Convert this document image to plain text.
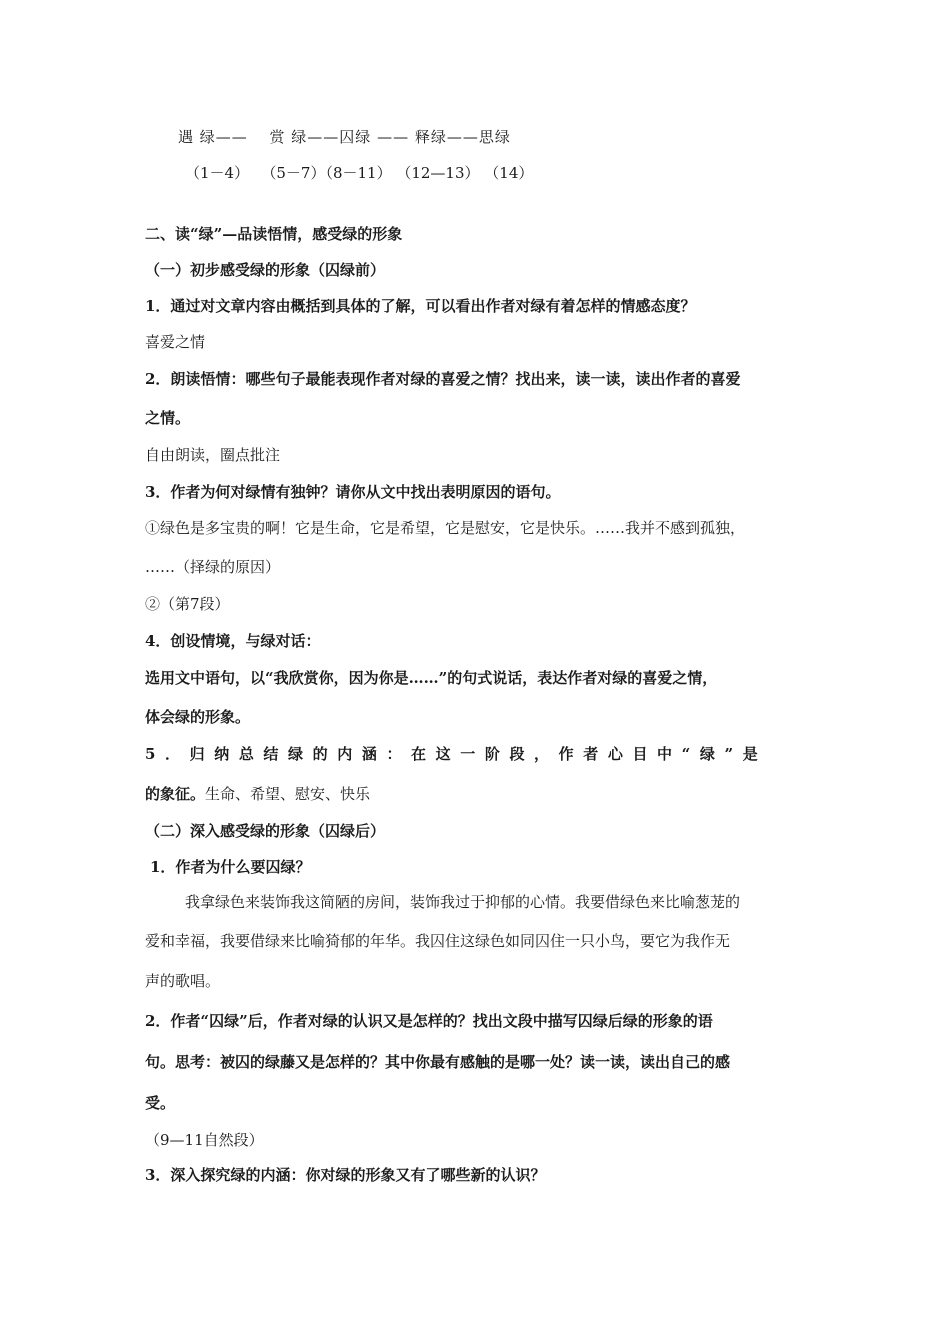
遇 绿——　 赏 绿——囚绿 —— 释绿——思绿
（1－4）　 （5－7）（8－11） （12—13） （14）
二、读“绿”—品读悟情，感受绿的形象
（一）初步感受绿的形象（囚绿前）
1．通过对文章内容由概括到具体的了解，可以看出作者对绿有着怎样的情感态度？
喜爱之情
2．朗读悟情：哪些句子最能表现作者对绿的喜爱之情？找出来，读一读，读出作者的喜爱
之情。
自由朗读，圈点批注
3．作者为何对绿情有独钟？请你从文中找出表明原因的语句。
①绿色是多宝贵的啊！它是生命，它是希望，它是慰安，它是快乐。……我并不感到孤独，
……（择绿的原因）
②（第7段）
4．创设情境，与绿对话：
选用文中语句，以“我欣赏你，因为你是……”的句式说话，表达作者对绿的喜爱之情，
体会绿的形象。
5．归纳总结绿的内涵：在这一阶段，作者心目中“绿”是
的象征。生命、希望、慰安、快乐
（二）深入感受绿的形象（囚绿后）
1．作者为什么要囚绿？
我拿绿色来装饰我这简陋的房间，装饰我过于抑郁的心情。我要借绿色来比喻葱茏的
爱和幸福，我要借绿来比喻猗郁的年华。我囚住这绿色如同囚住一只小鸟，要它为我作无
声的歌唱。
2．作者“囚绿”后，作者对绿的认识又是怎样的？找出文段中描写囚绿后绿的形象的语
句。思考：被囚的绿藤又是怎样的？其中你最有感触的是哪一处？读一读，读出自己的感
受。
（9—11自然段）
3．深入探究绿的内涵：你对绿的形象又有了哪些新的认识？
